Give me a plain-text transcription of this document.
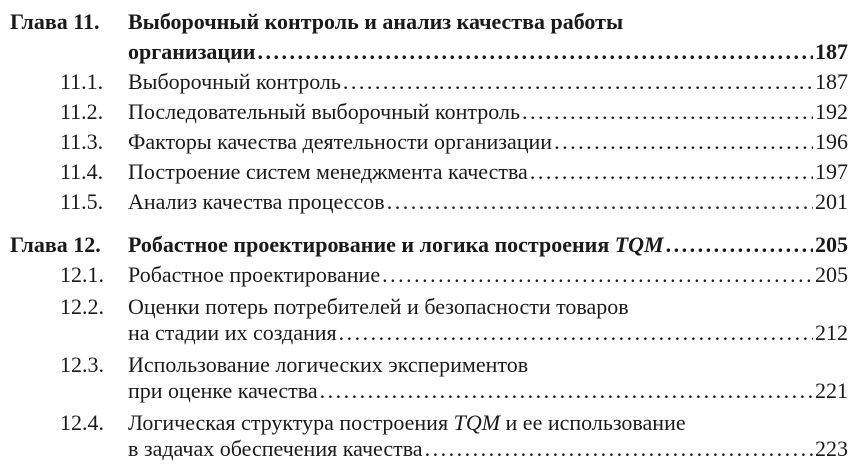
Глава 11. Выборочный контроль и анализ качества работы
организации . . .	187
11.1. Выборочный контроль . . .	187
11.2. Последовательный выборочный контроль . . .	192
11.3. Факторы качества деятельности организации . . .	196
11.4. Построение систем менеджмента качества . . .	197
11.5. Анализ качества процессов . . .	201
Глава 12. Робастное проектирование и логика построения TQM . . .	205
12.1. Робастное проектирование . . .	205
12.2. Оценки потерь потребителей и безопасности товаров
на стадии их создания . . .	212
12.3. Использование логических экспериментов
при оценке качества . . .	221
12.4. Логическая структура построения TQM и ее использование
в задачах обеспечения качества . . .	223
